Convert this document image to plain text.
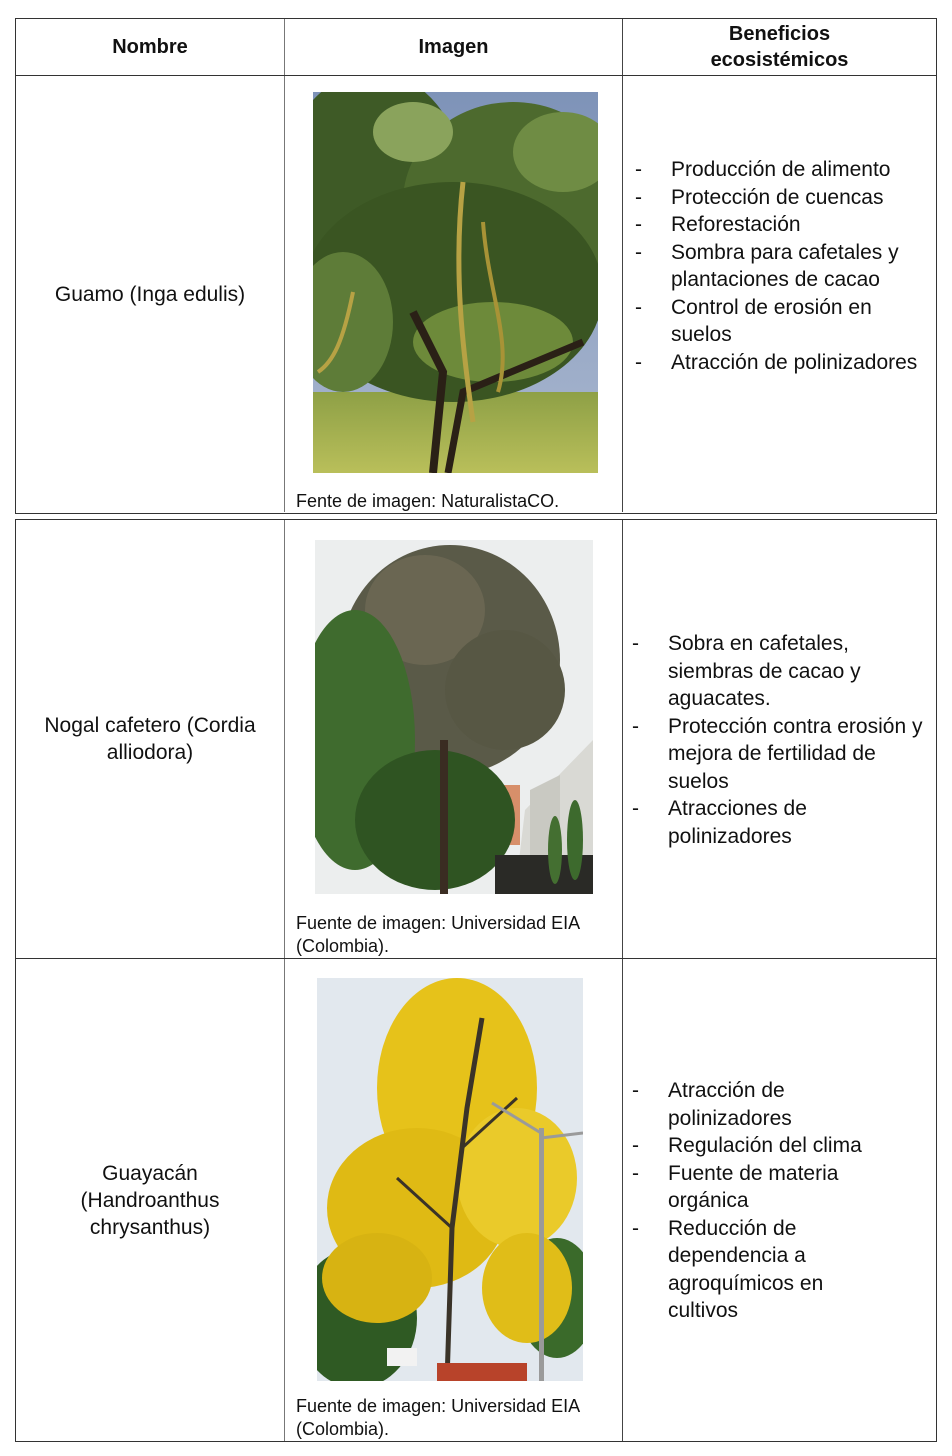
Nombre	Imagen
Beneficios ecosistémicos
Guamo (Inga edulis)
Fente de imagen: NaturalistaCO.
- Producción de alimento
- Protección de cuencas
- Reforestación
- Sombra para cafetales y plantaciones de cacao
- Control de erosión en suelos
- Atracción de polinizadores
Nogal cafetero (Cordia alliodora)
Fuente de imagen: Universidad EIA (Colombia).
- Sobra en cafetales, siembras de cacao y aguacates.
- Protección contra erosión y mejora de fertilidad de suelos
- Atracciones de polinizadores
Guayacán (Handroanthus chrysanthus)
Fuente de imagen: Universidad EIA (Colombia).
- Atracción de polinizadores
- Regulación del clima
- Fuente de materia orgánica
- Reducción de dependencia a agroquímicos en cultivos
